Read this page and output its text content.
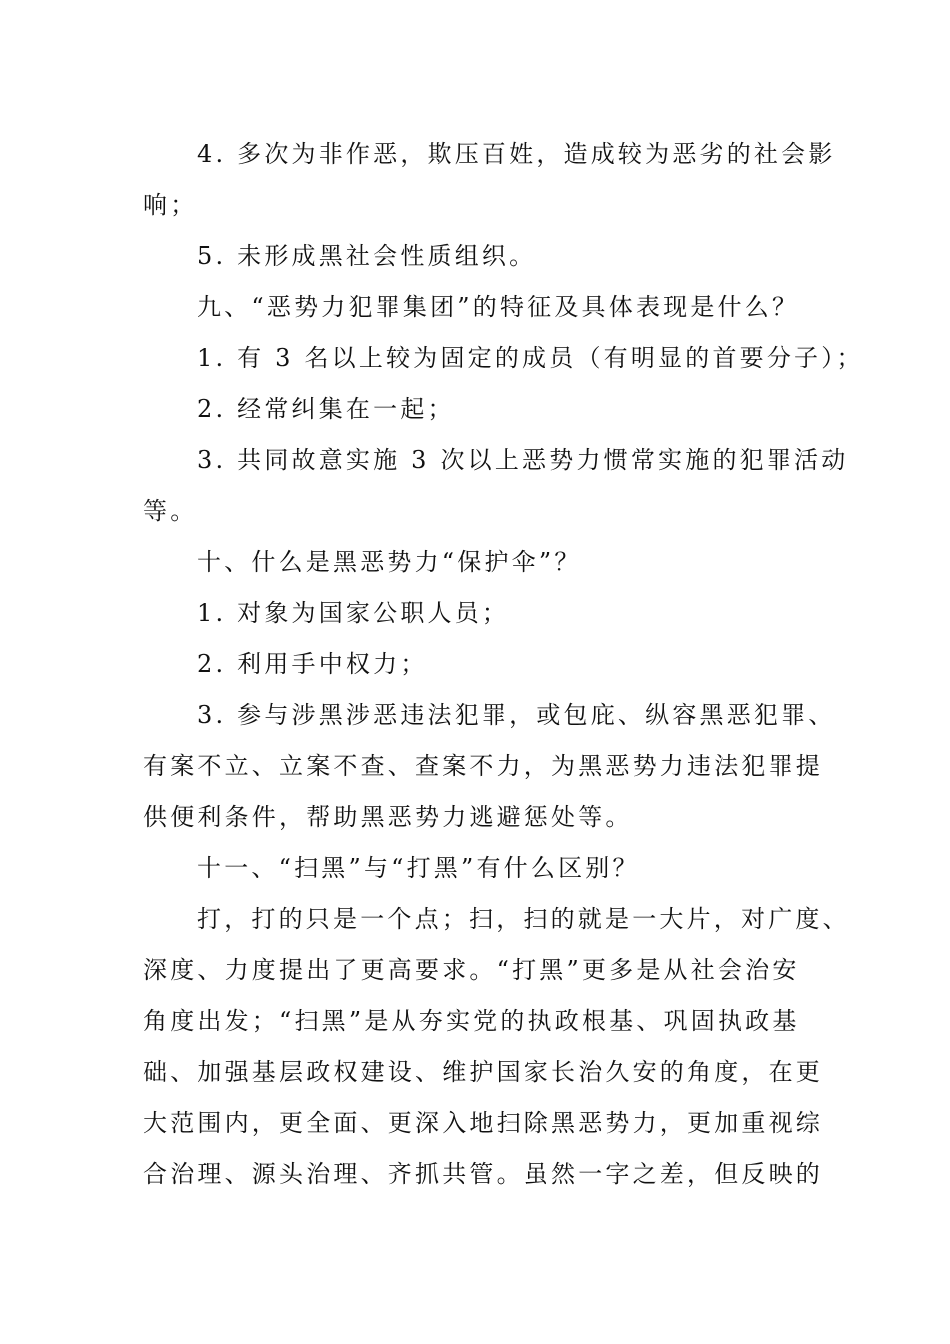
4. 多次为非作恶，欺压百姓，造成较为恶劣的社会影
响；
5. 未形成黑社会性质组织。
九、“恶势力犯罪集团”的特征及具体表现是什么？
1. 有 3 名以上较为固定的成员（有明显的首要分子）；
2. 经常纠集在一起；
3. 共同故意实施 3 次以上恶势力惯常实施的犯罪活动
等。
十、什么是黑恶势力“保护伞”？
1. 对象为国家公职人员；
2. 利用手中权力；
3. 参与涉黑涉恶违法犯罪，或包庇、纵容黑恶犯罪、
有案不立、立案不查、查案不力，为黑恶势力违法犯罪提
供便利条件，帮助黑恶势力逃避惩处等。
十一、“扫黑”与“打黑”有什么区别？
打，打的只是一个点；扫，扫的就是一大片，对广度、
深度、力度提出了更高要求。“打黑”更多是从社会治安
角度出发；“扫黑”是从夯实党的执政根基、巩固执政基
础、加强基层政权建设、维护国家长治久安的角度，在更
大范围内，更全面、更深入地扫除黑恶势力，更加重视综
合治理、源头治理、齐抓共管。虽然一字之差，但反映的
